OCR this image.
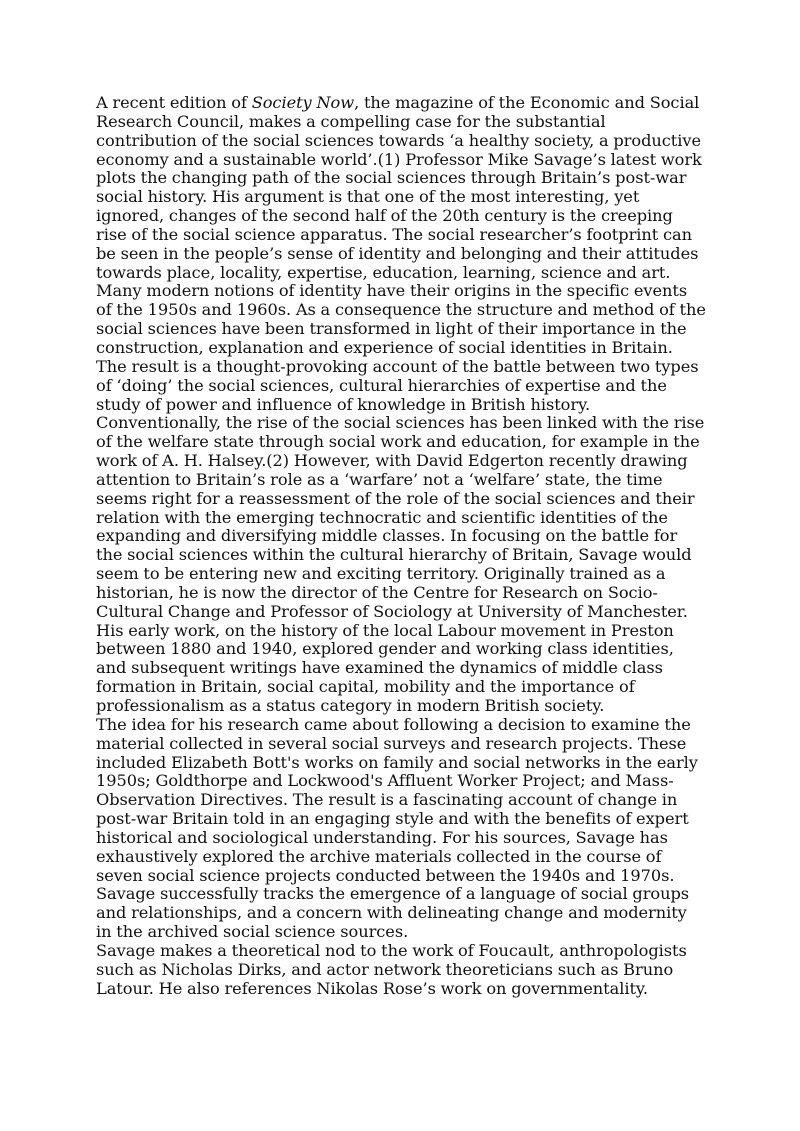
A recent edition of Society Now, the magazine of the Economic and Social Research Council, makes a compelling case for the substantial contribution of the social sciences towards ‘a healthy society, a productive economy and a sustainable world’.(1) Professor Mike Savage’s latest work plots the changing path of the social sciences through Britain’s post-war social history. His argument is that one of the most interesting, yet ignored, changes of the second half of the 20th century is the creeping rise of the social science apparatus. The social researcher’s footprint can be seen in the people’s sense of identity and belonging and their attitudes towards place, locality, expertise, education, learning, science and art. Many modern notions of identity have their origins in the specific events of the 1950s and 1960s. As a consequence the structure and method of the social sciences have been transformed in light of their importance in the construction, explanation and experience of social identities in Britain. The result is a thought-provoking account of the battle between two types of ‘doing’ the social sciences, cultural hierarchies of expertise and the study of power and influence of knowledge in British history.

Conventionally, the rise of the social sciences has been linked with the rise of the welfare state through social work and education, for example in the work of A. H. Halsey.(2) However, with David Edgerton recently drawing attention to Britain’s role as a ‘warfare’ not a ‘welfare’ state, the time seems right for a reassessment of the role of the social sciences and their relation with the emerging technocratic and scientific identities of the expanding and diversifying middle classes. In focusing on the battle for the social sciences within the cultural hierarchy of Britain, Savage would seem to be entering new and exciting territory. Originally trained as a historian, he is now the director of the Centre for Research on Socio-Cultural Change and Professor of Sociology at University of Manchester. His early work, on the history of the local Labour movement in Preston between 1880 and 1940, explored gender and working class identities, and subsequent writings have examined the dynamics of middle class formation in Britain, social capital, mobility and the importance of professionalism as a status category in modern British society.

The idea for his research came about following a decision to examine the material collected in several social surveys and research projects. These included Elizabeth Bott's works on family and social networks in the early 1950s; Goldthorpe and Lockwood's Affluent Worker Project; and Mass-Observation Directives. The result is a fascinating account of change in post-war Britain told in an engaging style and with the benefits of expert historical and sociological understanding. For his sources, Savage has exhaustively explored the archive materials collected in the course of seven social science projects conducted between the 1940s and 1970s. Savage successfully tracks the emergence of a language of social groups and relationships, and a concern with delineating change and modernity in the archived social science sources.

Savage makes a theoretical nod to the work of Foucault, anthropologists such as Nicholas Dirks, and actor network theoreticians such as Bruno Latour. He also references Nikolas Rose’s work on governmentality.
